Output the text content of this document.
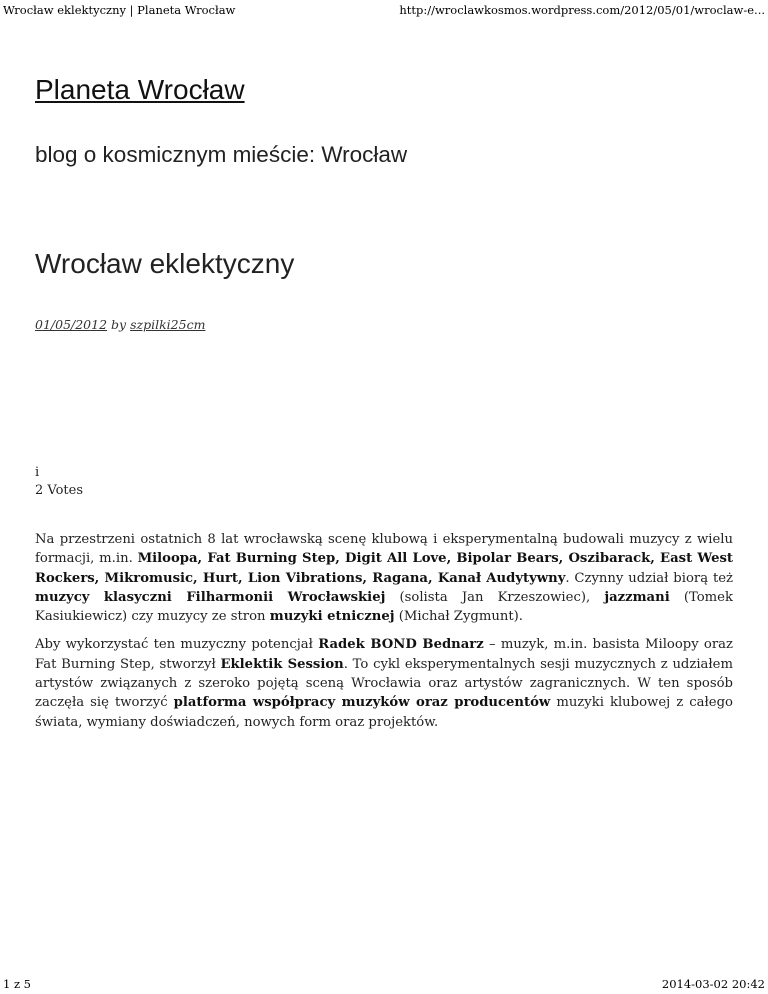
Wrocław eklektyczny | Planeta Wrocław	http://wroclawkosmos.wordpress.com/2012/05/01/wroclaw-e...
Planeta Wrocław
blog o kosmicznym mieście: Wrocław
Wrocław eklektyczny
01/05/2012 by szpilki25cm
i
2 Votes

Na przestrzeni ostatnich 8 lat wrocławską scenę klubową i eksperymentalną budowali muzycy z wielu formacji, m.in. Miloopa, Fat Burning Step, Digit All Love, Bipolar Bears, Oszibarack, East West Rockers, Mikromusic, Hurt, Lion Vibrations, Ragana, Kanał Audytywny. Czynny udział biorą też muzycy klasyczni Filharmonii Wrocławskiej (solista Jan Krzeszowiec), jazzmani (Tomek Kasiukiewicz) czy muzycy ze stron muzyki etnicznej (Michał Zygmunt).

Aby wykorzystać ten muzyczny potencjał Radek BOND Bednarz – muzyk, m.in. basista Miloopy oraz Fat Burning Step, stworzył Eklektik Session. To cykl eksperymentalnych sesji muzycznych z udziałem artystów związanych z szeroko pojętą sceną Wrocławia oraz artystów zagranicznych. W ten sposób zaczęła się tworzyć platforma współpracy muzyków oraz producentów muzyki klubowej z całego świata, wymiany doświadczeń, nowych form oraz projektów.

1 z 5	2014-03-02 20:42
